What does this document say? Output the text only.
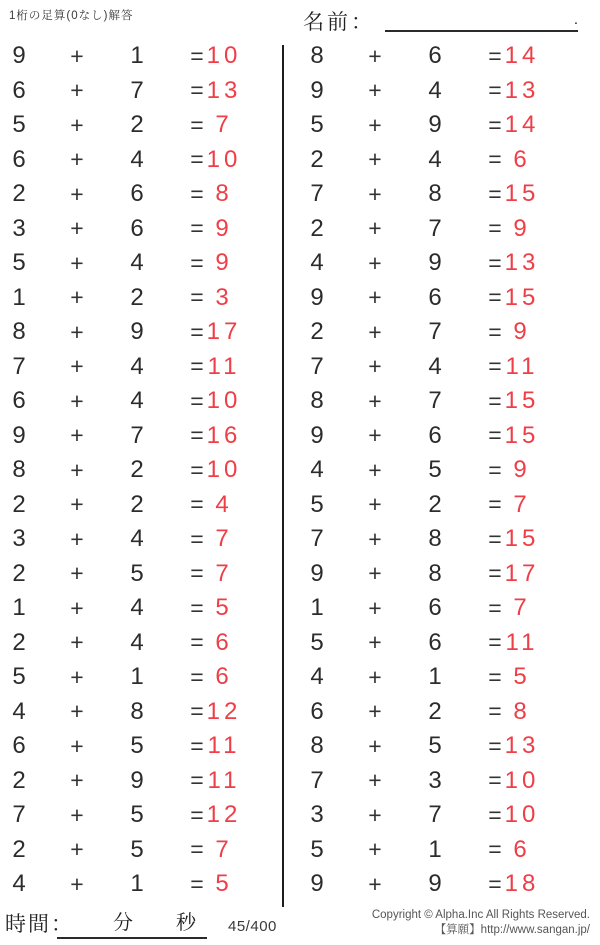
1桁の足算(0なし)解答	名前：	.
9	+	1	= 10
6	+	7	= 13
5	+	2	= 7
6	+	4	= 10
2	+	6	= 8
3	+	6	= 9
5	+	4	= 9
1	+	2	= 3
8	+	9	= 17
7	+	4	= 11
6	+	4	= 10
9	+	7	= 16
8	+	2	= 10
2	+	2	= 4
3	+	4	= 7
2	+	5	= 7
1	+	4	= 5
2	+	4	= 6
5	+	1	= 6
4	+	8	= 12
6	+	5	= 11
2	+	9	= 11
7	+	5	= 12
2	+	5	= 7
4	+	1	= 5
8	+	6	= 14
9	+	4	= 13
5	+	9	= 14
2	+	4	= 6
7	+	8	= 15
2	+	7	= 9
4	+	9	= 13
9	+	6	= 15
2	+	7	= 9
7	+	4	= 11
8	+	7	= 15
9	+	6	= 15
4	+	5	= 9
5	+	2	= 7
7	+	8	= 15
9	+	8	= 17
1	+	6	= 7
5	+	6	= 11
4	+	1	= 5
6	+	2	= 8
8	+	5	= 13
7	+	3	= 10
3	+	7	= 10
5	+	1	= 6
9	+	9	= 18
時間： 分 秒 45/400
Copyright © Alpha.Inc All Rights Reserved.
【算願】http://www.sangan.jp/
